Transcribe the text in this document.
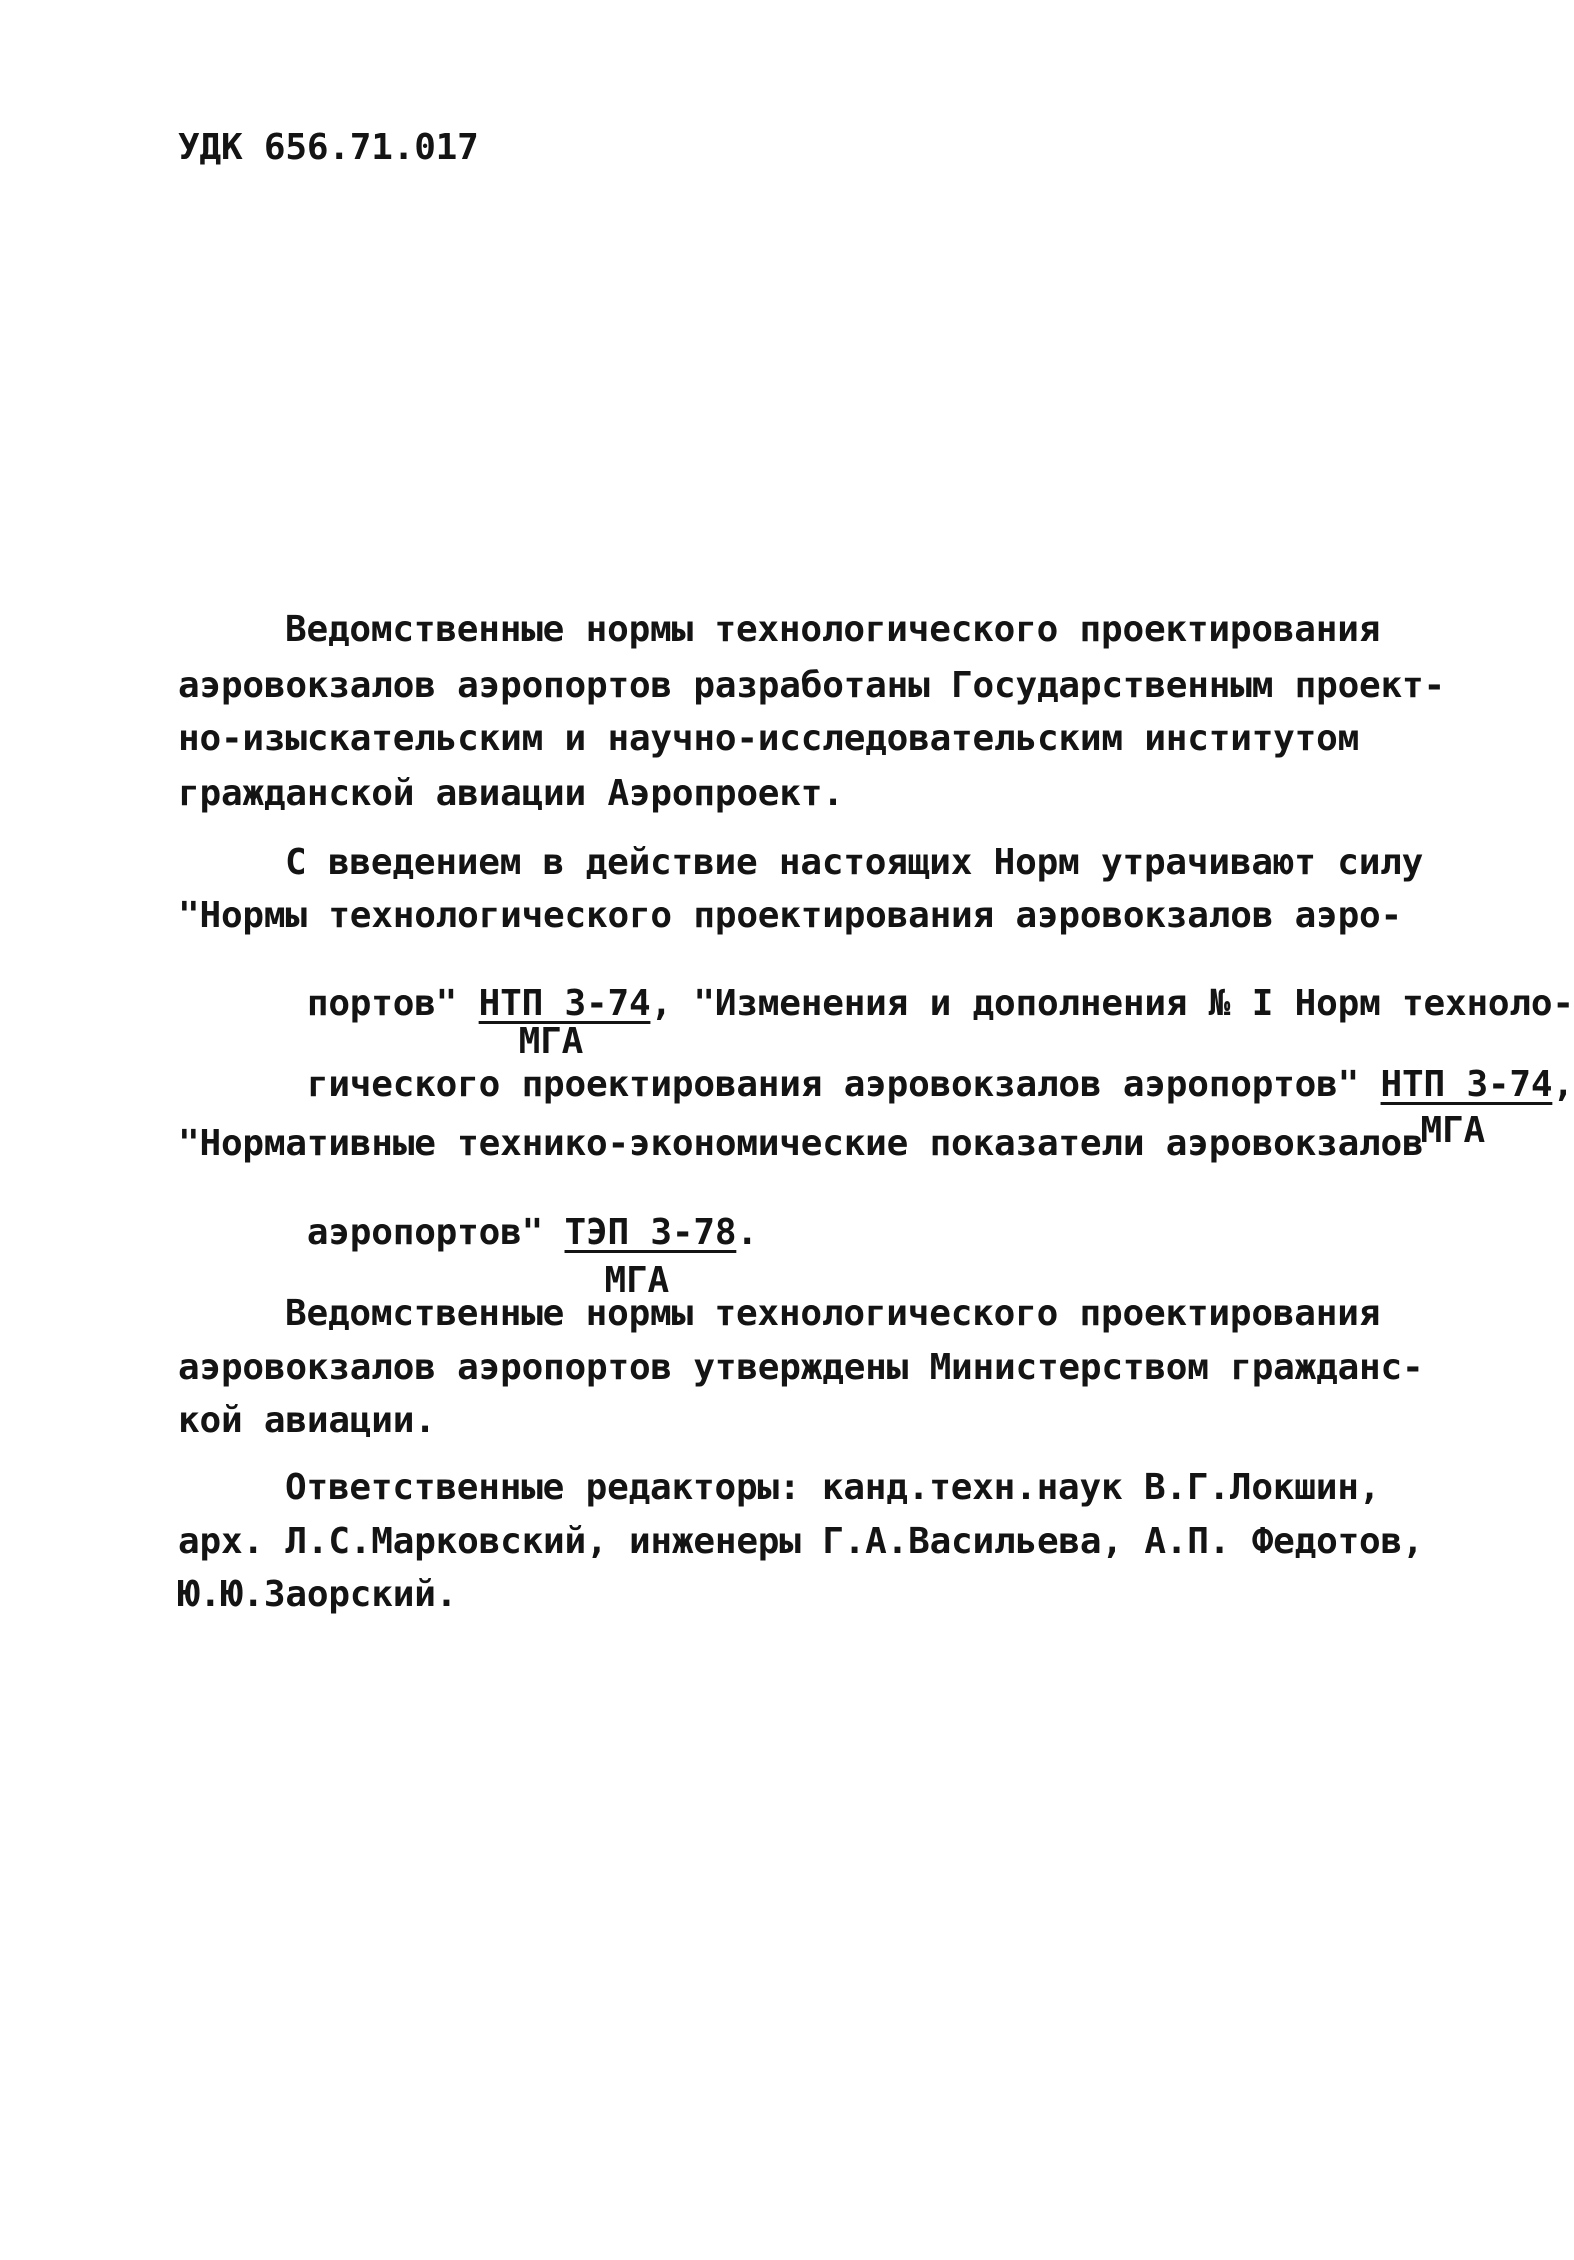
УДК 656.71.017
Ведомственные нормы технологического проектирования
аэровокзалов аэропортов разработаны Государственным проект-
но-изыскательским и научно-исследовательским институтом
гражданской авиации Аэропроект.
С введением в действие настоящих Норм утрачивают силу
"Нормы технологического проектирования аэровокзалов аэро-

портов" НТП 3-74
МГА
, "Изменения и дополнения № I Норм техноло-

гического проектирования аэровокзалов аэропортов" НТП 3-74
МГА
,

"Нормативные технико-экономические показатели аэровокзалов

аэропортов" ТЭП 3-78
МГА
.

Ведомственные нормы технологического проектирования
аэровокзалов аэропортов утверждены Министерством гражданс-
кой авиации.
Ответственные редакторы: канд.техн.наук В.Г.Локшин,
арх. Л.С.Марковский, инженеры Г.А.Васильева, А.П. Федотов,
Ю.Ю.Заорский.
